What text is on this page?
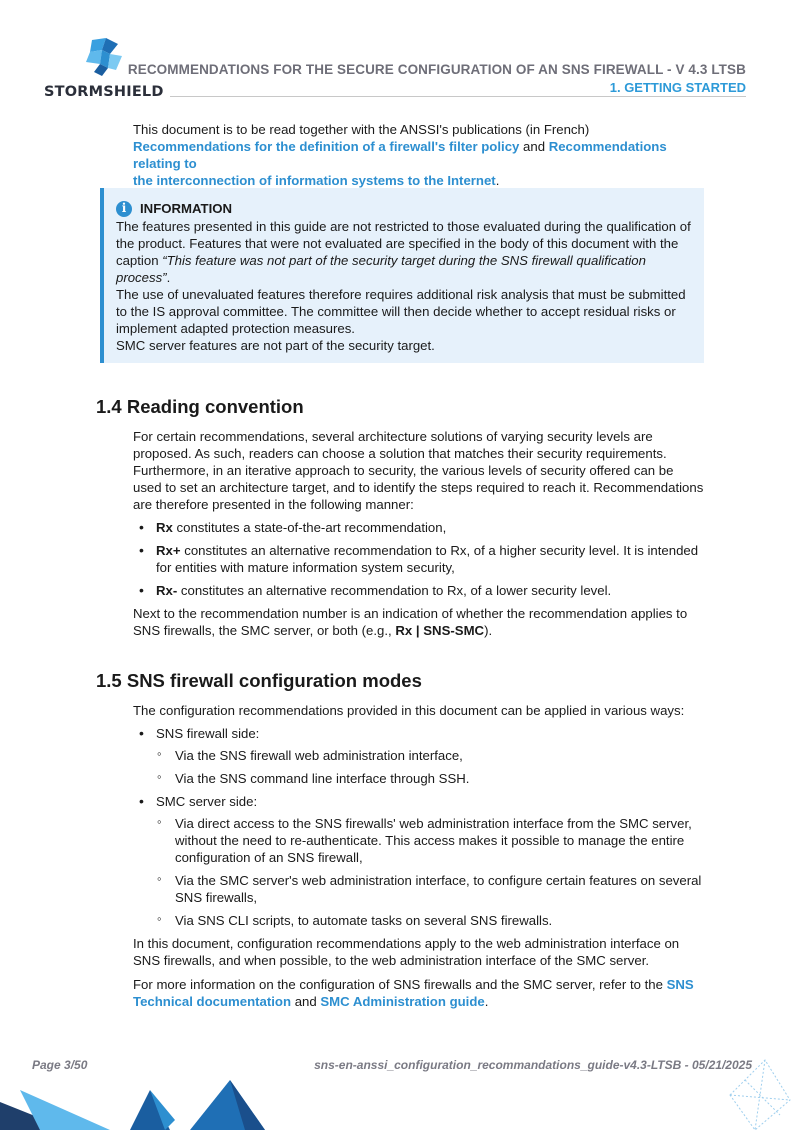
STORMSHIELD
RECOMMENDATIONS FOR THE SECURE CONFIGURATION OF AN SNS FIREWALL - V 4.3 LTSB
1. GETTING STARTED

This document is to be read together with the ANSSI's publications (in French)
Recommendations for the definition of a firewall's filter policy and Recommendations relating to
the interconnection of information systems to the Internet.

i	INFORMATION

The features presented in this guide are not restricted to those evaluated during the qualification of the product. Features that were not evaluated are specified in the body of this document with the caption “This feature was not part of the security target during the SNS firewall qualification process”.

The use of unevaluated features therefore requires additional risk analysis that must be submitted to the IS approval committee. The committee will then decide whether to accept residual risks or implement adapted protection measures.

SMC server features are not part of the security target.

1.4 Reading convention

For certain recommendations, several architecture solutions of varying security levels are proposed. As such, readers can choose a solution that matches their security requirements. Furthermore, in an iterative approach to security, the various levels of security offered can be used to set an architecture target, and to identify the steps required to reach it. Recommendations are therefore presented in the following manner:

• Rx constitutes a state-of-the-art recommendation,
• Rx+ constitutes an alternative recommendation to Rx, of a higher security level. It is intended for entities with mature information system security,
• Rx- constitutes an alternative recommendation to Rx, of a lower security level.

Next to the recommendation number is an indication of whether the recommendation applies to SNS firewalls, the SMC server, or both (e.g., Rx | SNS-SMC).

1.5 SNS firewall configuration modes

The configuration recommendations provided in this document can be applied in various ways:

• SNS firewall side:
◦ Via the SNS firewall web administration interface,
◦ Via the SNS command line interface through SSH.
• SMC server side:
◦ Via direct access to the SNS firewalls' web administration interface from the SMC server, without the need to re-authenticate. This access makes it possible to manage the entire configuration of an SNS firewall,
◦ Via the SMC server's web administration interface, to configure certain features on several SNS firewalls,
◦ Via SNS CLI scripts, to automate tasks on several SNS firewalls.

In this document, configuration recommendations apply to the web administration interface on SNS firewalls, and when possible, to the web administration interface of the SMC server.

For more information on the configuration of SNS firewalls and the SMC server, refer to the SNS Technical documentation and SMC Administration guide.

Page 3/50	sns-en-anssi_configuration_recommandations_guide-v4.3-LTSB - 05/21/2025
